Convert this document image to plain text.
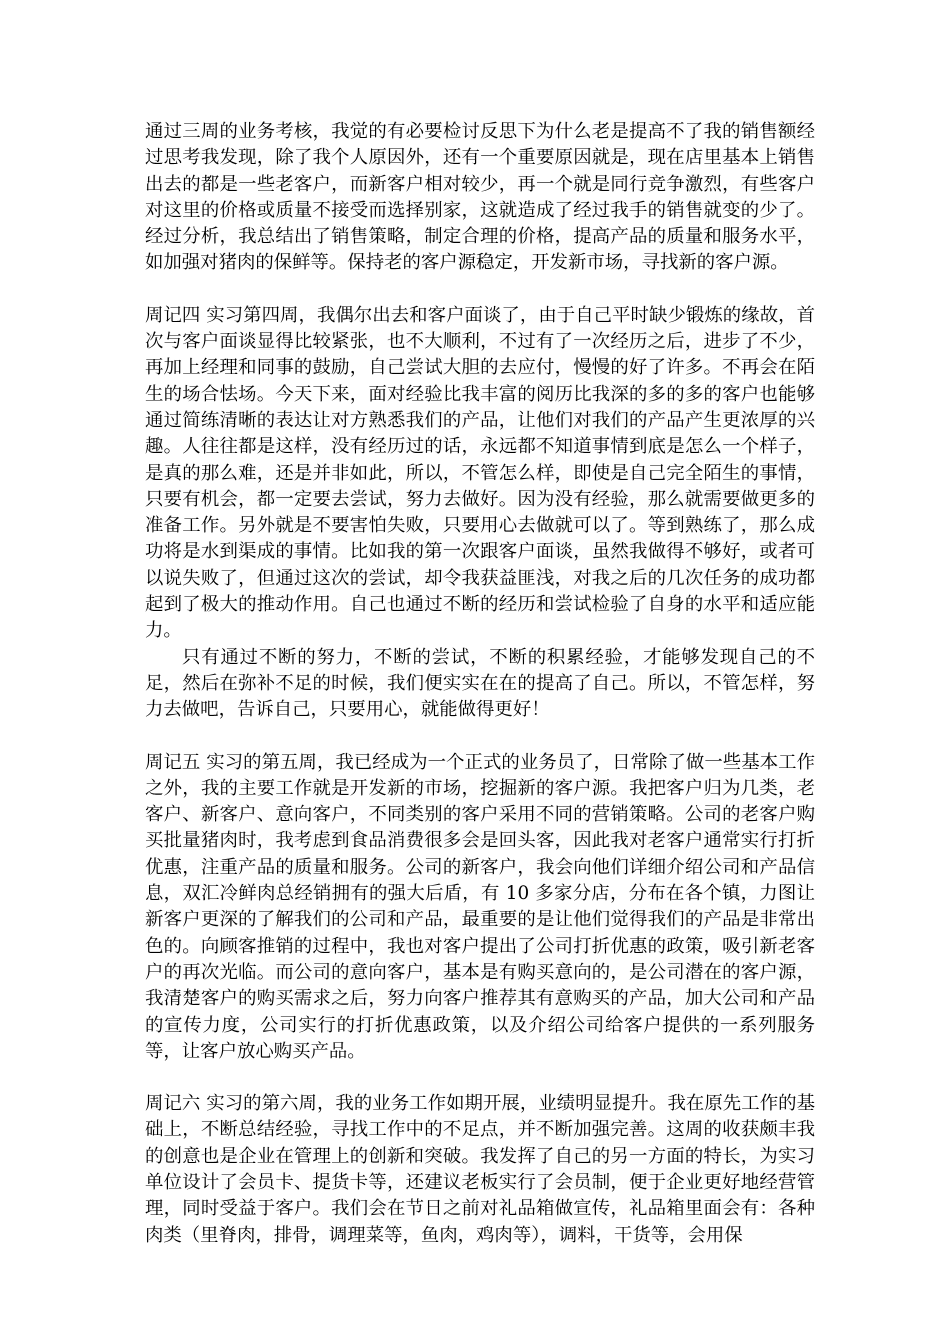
通过三周的业务考核，我觉的有必要检讨反思下为什么老是提高不了我的销售额经过思考我发现，除了我个人原因外，还有一个重要原因就是，现在店里基本上销售出去的都是一些老客户，而新客户相对较少，再一个就是同行竞争激烈，有些客户对这里的价格或质量不接受而选择别家，这就造成了经过我手的销售就变的少了。经过分析，我总结出了销售策略，制定合理的价格，提高产品的质量和服务水平，如加强对猪肉的保鲜等。保持老的客户源稳定，开发新市场，寻找新的客户源。

周记四 实习第四周，我偶尔出去和客户面谈了，由于自己平时缺少锻炼的缘故，首次与客户面谈显得比较紧张，也不大顺利，不过有了一次经历之后，进步了不少，再加上经理和同事的鼓励，自己尝试大胆的去应付，慢慢的好了许多。不再会在陌生的场合怯场。今天下来，面对经验比我丰富的阅历比我深的多的多的客户也能够通过简练清晰的表达让对方熟悉我们的产品，让他们对我们的产品产生更浓厚的兴趣。人往往都是这样，没有经历过的话，永远都不知道事情到底是怎么一个样子，是真的那么难，还是并非如此，所以，不管怎么样，即使是自己完全陌生的事情，只要有机会，都一定要去尝试，努力去做好。因为没有经验，那么就需要做更多的准备工作。另外就是不要害怕失败，只要用心去做就可以了。等到熟练了，那么成功将是水到渠成的事情。比如我的第一次跟客户面谈，虽然我做得不够好，或者可以说失败了，但通过这次的尝试，却令我获益匪浅，对我之后的几次任务的成功都起到了极大的推动作用。自己也通过不断的经历和尝试检验了自身的水平和适应能力。

只有通过不断的努力，不断的尝试，不断的积累经验，才能够发现自己的不足，然后在弥补不足的时候，我们便实实在在的提高了自己。所以，不管怎样，努力去做吧，告诉自己，只要用心，就能做得更好！

周记五 实习的第五周，我已经成为一个正式的业务员了，日常除了做一些基本工作之外，我的主要工作就是开发新的市场，挖掘新的客户源。我把客户归为几类，老客户、新客户、意向客户，不同类别的客户采用不同的营销策略。公司的老客户购买批量猪肉时，我考虑到食品消费很多会是回头客，因此我对老客户通常实行打折优惠，注重产品的质量和服务。公司的新客户，我会向他们详细介绍公司和产品信息，双汇冷鲜肉总经销拥有的强大后盾，有 10 多家分店，分布在各个镇，力图让新客户更深的了解我们的公司和产品，最重要的是让他们觉得我们的产品是非常出色的。向顾客推销的过程中，我也对客户提出了公司打折优惠的政策，吸引新老客户的再次光临。而公司的意向客户，基本是有购买意向的，是公司潜在的客户源，我清楚客户的购买需求之后，努力向客户推荐其有意购买的产品，加大公司和产品的宣传力度，公司实行的打折优惠政策，以及介绍公司给客户提供的一系列服务等，让客户放心购买产品。

周记六 实习的第六周，我的业务工作如期开展，业绩明显提升。我在原先工作的基础上，不断总结经验，寻找工作中的不足点，并不断加强完善。这周的收获颇丰我的创意也是企业在管理上的创新和突破。我发挥了自己的另一方面的特长，为实习单位设计了会员卡、提货卡等，还建议老板实行了会员制，便于企业更好地经营管理，同时受益于客户。我们会在节日之前对礼品箱做宣传，礼品箱里面会有：各种肉类（里脊肉，排骨，调理菜等，鱼肉，鸡肉等），调料，干货等，会用保
